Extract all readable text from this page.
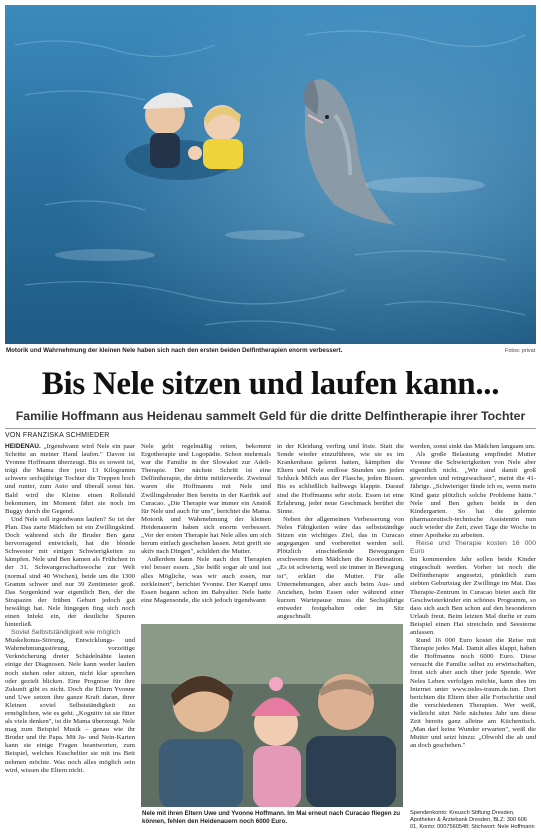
Motorik und Wahrnehmung der kleinen Nele haben sich nach den ersten beiden Delfintherapien enorm verbessert.	Fotos: privat
Bis Nele sitzen und laufen kann...
Familie Hoffmann aus Heidenau sammelt Geld für die dritte Delfintherapie ihrer Tochter
VON FRANZISKA SCHMIEDER

HEIDENAU. „Irgendwann wird Nele ein paar Schritte an meiner Hand laufen." Davon ist Yvonne Hoffmann überzeugt. Bis es soweit ist, trägt die Mama ihre jetzt 13 Kilogramm schwere sechsjährige Tochter die Treppen hoch und runter, zum Auto und überall sonst hin. Bald wird die Kleine einen Rollstuhl bekommen, im Moment fährt sie noch im Buggy durch die Gegend.

Und Nele soll irgendwann laufen? So ist der Plan. Das zarte Mädchen ist ein Zwillingskind. Doch während sich ihr Bruder Ben ganz hervorragend entwickelt, hat die blonde Schwester mit einigen Schwierigkeiten zu kämpfen. Nele und Ben kamen als Frühchen in der 31. Schwangerschaftswoche zur Welt (normal sind 40 Wochen), beide um die 1300 Gramm schwer und nur 39 Zentimeter groß. Das Sorgenkind war eigentlich Ben, der die Strapazen der frühen Geburt jedoch gut bewältigt hat. Nele hingegen fing sich noch einen Infekt ein, der deutliche Spuren hinterließ.

Soviel Selbstständigkeit wie möglich

Muskeltonus-Störung, Entwicklungs- und Wahrnehmungsstörung, vorzeitige Verknöcherung dreier Schädelnähte lauten einige der Diagnosen. Nele kann weder laufen noch stehen oder sitzen, nicht klar sprechen oder gezielt blicken. Eine Prognose für ihre Zukunft gibt es nicht. Doch die Eltern Yvonne und Uwe setzen ihre ganze Kraft daran, ihrer Kleinen soviel Selbstständigkeit zu ermöglichen, wie es geht. „Kognitiv ist sie fitter als viele denken", ist die Mama überzeugt. Nele mag zum Beispiel Musik – genau wie ihr Bruder und ihr Papa. Mit Ja- und Nein-Karten kann sie einige Fragen beantworten, zum Beispiel, welches Kuscheltier sie mit ins Bett nehmen möchte. Was noch alles möglich sein wird, wissen die Eltern nicht.

Nele geht regelmäßig reiten, bekommt Ergotherapie und Logopädie. Schon mehrmals war die Familie in der Slowakei zur Adeli-Therapie. Der nächste Schritt ist eine Delfintherapie, die dritte mittlerweile. Zweimal waren die Hoffmanns mit Nele und Zwillingsbruder Ben bereits in der Karibik auf Curacao. „Die Therapie war immer ein Anstoß für Nele und auch für uns", berichtet die Mama. Motorik und Wahrnehmung der kleinen Heidenauerin haben sich enorm verbessert. „Vor der ersten Therapie hat Nele alles um sich herum einfach geschehen lassen. Jetzt greift sie aktiv nach Dingen", schildert die Mutter.

Außerdem kann Nele nach den Therapien viel besser essen. „Sie beißt sogar ab und isst alles Mögliche, was wir auch essen, nur zerkleinert", berichtet Yvonne. Der Kampf ums Essen begann schon im Babyalter. Nele hatte eine Magensonde, die sich jedoch irgendwann

in der Kleidung verfing und löste. Statt die Sonde wieder einzuführen, wie sie es im Krankenhaus gelernt hatten, kämpften die Eltern und Nele endlose Stunden um jeden Schluck Milch aus der Flasche, jeden Bissen. Bis es schließlich halbwegs klappte. Darauf sind die Hoffmanns sehr stolz. Essen ist eine Erfahrung, jeder neue Geschmack berührt die Sinne.

Neben der allgemeinen Verbesserung von Neles Fähigkeiten wäre das selbstständige Sitzen ein wichtiges Ziel, das in Curacao angegangen und vorbereitet werden soll. Plötzlich einschießende Bewegungen erschweren dem Mädchen die Koordination. „Es ist schwierig, weil sie immer in Bewegung ist", erklärt die Mutter. Für alle Unternehmungen, aber auch beim Aus- und Anziehen, beim Essen oder während einer kurzen Wartepause muss die Sechsjährige entweder festgehalten oder im Sitz angeschnallt

werden, sonst sinkt das Mädchen langsam um.

Als große Belastung empfindet Mutter Yvonne die Schwierigkeiten von Nele aber eigentlich nicht. „Wir sind damit groß geworden und reingewachsen", meint die 41-Jährige. „Schwieriger fände ich es, wenn mein Kind ganz plötzlich solche Probleme hätte." Nele und Ben gehen beide in den Kindergarten. So hat die gelernte pharmazeutisch-technische Assistentin nun auch wieder die Zeit, zwei Tage die Woche in einer Apotheke zu arbeiten.

Reise und Therapie kosten 16 000 Euro

Im kommenden Jahr sollen beide Kinder eingeschult werden. Vorher ist noch die Delfintherapie angesetzt, pünktlich zum siebten Geburtstag der Zwillinge im Mai. Das Therapie-Zentrum in Curacao bietet auch für Geschwisterkinder ein schönes Programm, so dass sich auch Ben schon auf den besonderen Urlaub freut. Beim letzten Mal durfte er zum Beispiel einen Hai streicheln und Seesterne anfassen.

Rund 16 000 Euro kostet die Reise mit Therapie jedes Mal. Damit alles klappt, haben die Hoffmanns noch 6000 Euro. Diese versucht die Familie selbst zu erwirtschaften, freut sich aber auch über jede Spende. Wer Neles Leben verfolgen möchte, kann dies im Internet unter www.neles-traum.de.tun. Dort berichten die Eltern über alle Fortschritte und die verschiedenen Therapien. Wer weiß, vielleicht sitzt Nele nächstes Jahr um diese Zeit bereits ganz alleine am Küchentisch. „Man darf keine Wunder erwarten", weiß die Mutter und setzt hinzu: „Obwohl die ab und an doch geschehen."

Spendenkonto: Kreusch Stiftung Dresden, Apotheker & Ärztebank Dresden, BLZ: 300 606 01, Konto: 0007560548; Stichwort: Nele Hoffmann
Nele mit ihren Eltern Uwe und Yvonne Hoffmann. Im Mai erneut nach Curacao fliegen zu können, fehlen den Heidenauern noch 6000 Euro.
